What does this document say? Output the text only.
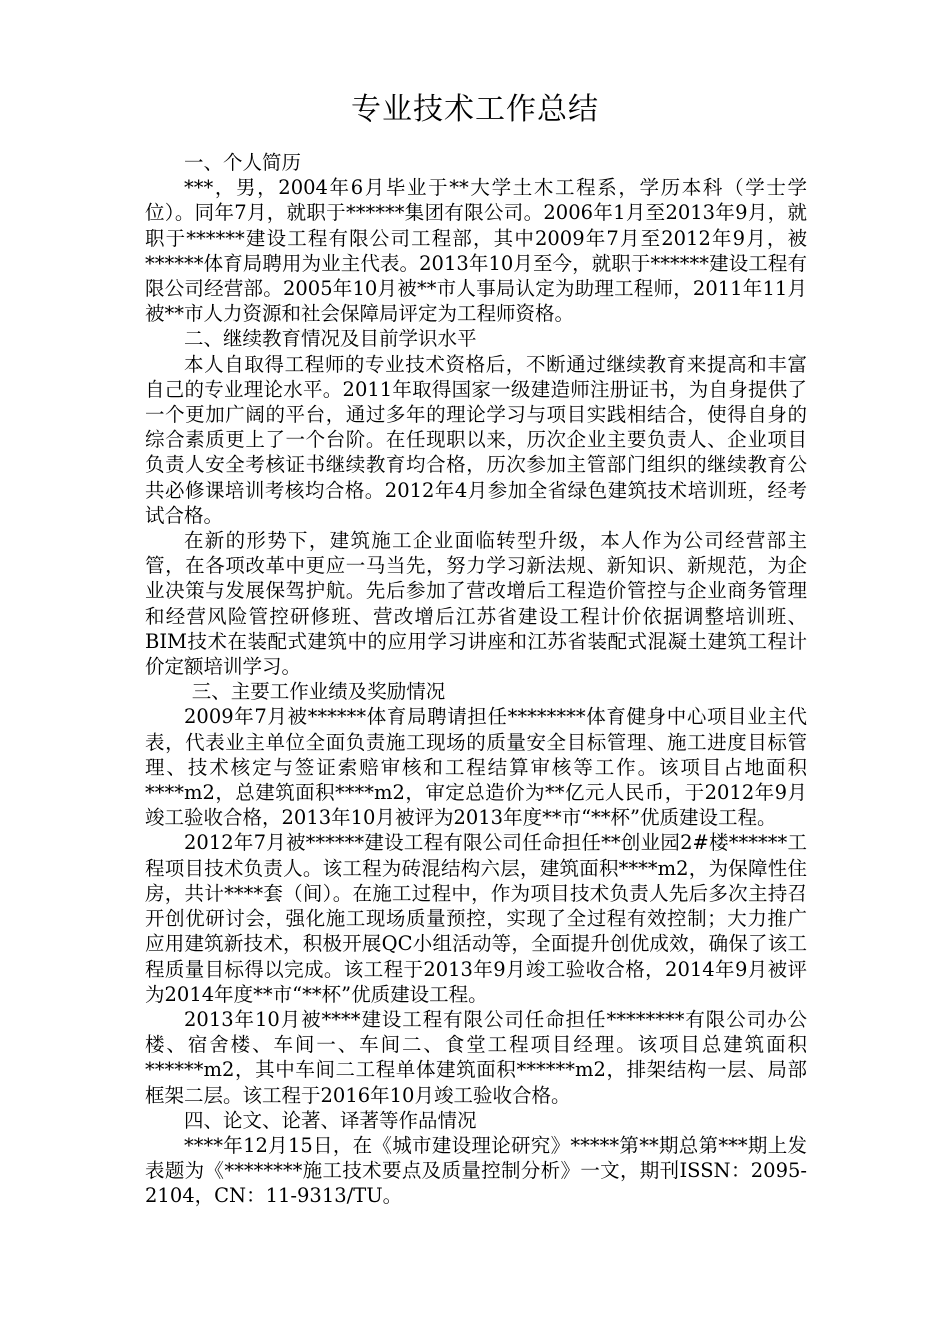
专业技术工作总结

一、个人简历

***，男，2004年6月毕业于**大学土木工程系，学历本科（学士学位）。同年7月，就职于******集团有限公司。2006年1月至2013年9月，就职于******建设工程有限公司工程部，其中2009年7月至2012年9月，被******体育局聘用为业主代表。2013年10月至今，就职于******建设工程有限公司经营部。2005年10月被**市人事局认定为助理工程师，2011年11月被**市人力资源和社会保障局评定为工程师资格。

二、继续教育情况及目前学识水平

本人自取得工程师的专业技术资格后，不断通过继续教育来提高和丰富自己的专业理论水平。2011年取得国家一级建造师注册证书，为自身提供了一个更加广阔的平台，通过多年的理论学习与项目实践相结合，使得自身的综合素质更上了一个台阶。在任现职以来，历次企业主要负责人、企业项目负责人安全考核证书继续教育均合格，历次参加主管部门组织的继续教育公共必修课培训考核均合格。2012年4月参加全省绿色建筑技术培训班，经考试合格。

在新的形势下，建筑施工企业面临转型升级，本人作为公司经营部主管，在各项改革中更应一马当先，努力学习新法规、新知识、新规范，为企业决策与发展保驾护航。先后参加了营改增后工程造价管控与企业商务管理和经营风险管控研修班、营改增后江苏省建设工程计价依据调整培训班、BIM技术在装配式建筑中的应用学习讲座和江苏省装配式混凝土建筑工程计价定额培训学习。

三、主要工作业绩及奖励情况

2009年7月被******体育局聘请担任********体育健身中心项目业主代表，代表业主单位全面负责施工现场的质量安全目标管理、施工进度目标管理、技术核定与签证索赔审核和工程结算审核等工作。该项目占地面积****m2，总建筑面积****m2，审定总造价为**亿元人民币，于2012年9月竣工验收合格，2013年10月被评为2013年度**市“**杯”优质建设工程。

2012年7月被******建设工程有限公司任命担任**创业园2#楼******工程项目技术负责人。该工程为砖混结构六层，建筑面积****m2，为保障性住房，共计****套（间）。在施工过程中，作为项目技术负责人先后多次主持召开创优研讨会，强化施工现场质量预控，实现了全过程有效控制；大力推广应用建筑新技术，积极开展QC小组活动等，全面提升创优成效，确保了该工程质量目标得以完成。该工程于2013年9月竣工验收合格，2014年9月被评为2014年度**市“**杯”优质建设工程。

2013年10月被****建设工程有限公司任命担任********有限公司办公楼、宿舍楼、车间一、车间二、食堂工程项目经理。该项目总建筑面积******m2，其中车间二工程单体建筑面积******m2，排架结构一层、局部框架二层。该工程于2016年10月竣工验收合格。

四、论文、论著、译著等作品情况

****年12月15日，在《城市建设理论研究》*****第**期总第***期上发表题为《********施工技术要点及质量控制分析》一文，期刊ISSN：2095-2104，CN：11-9313/TU。
